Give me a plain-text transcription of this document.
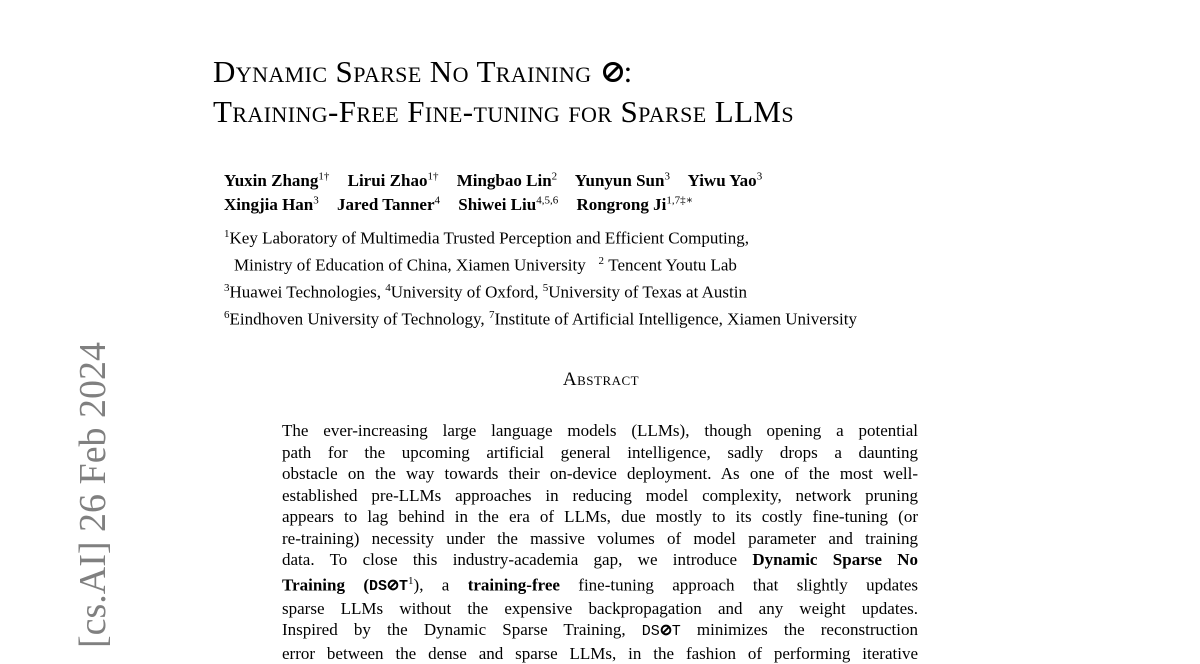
[cs.AI] 26 Feb 2024
Dynamic Sparse No Training :
Training-Free Fine-tuning for Sparse LLMs
Yuxin Zhang$^{1\dagger}$ Lirui Zhao$^{1\dagger}$ Mingbao Lin$^2$ Yunyun Sun$^3$ Yiwu Yao$^3$
Xingjia Han$^3$ Jared Tanner$^4$ Shiwei Liu$^{4,5,6}$ Rongrong $Ji^{1,7\ddagger∗}$
$^1$Key Laboratory of Multimedia Trusted Perception and Efficient Computing,
Ministry of Education of China, Xiamen University $^2$ Tencent Youtu Lab
$^3$Huawei Technologies, $^4$University of Oxford, $^5$University of Texas at Austin
$^6$Eindhoven University of Technology, $^7$Institute of Artificial Intelligence, Xiamen University
Abstract
The ever-increasing large language models (LLMs), though opening a potential
path for the upcoming artificial general intelligence, sadly drops a daunting
obstacle on the way towards their on-device deployment. As one of the most well-
established pre-LLMs approaches in reducing model complexity, network pruning
appears to lag behind in the era of LLMs, due mostly to its costly fine-tuning (or
re-training) necessity under the massive volumes of model parameter and training
data. To close this industry-academia gap, we introduce Dynamic Sparse No
Training (DS $T^1$), a training-free fine-tuning approach that slightly updates
sparse LLMs without the expensive backpropagation and any weight updates.
Inspired by the Dynamic Sparse Training, DS T minimizes the reconstruction
error between the dense and sparse LLMs, in the fashion of performing iterative
